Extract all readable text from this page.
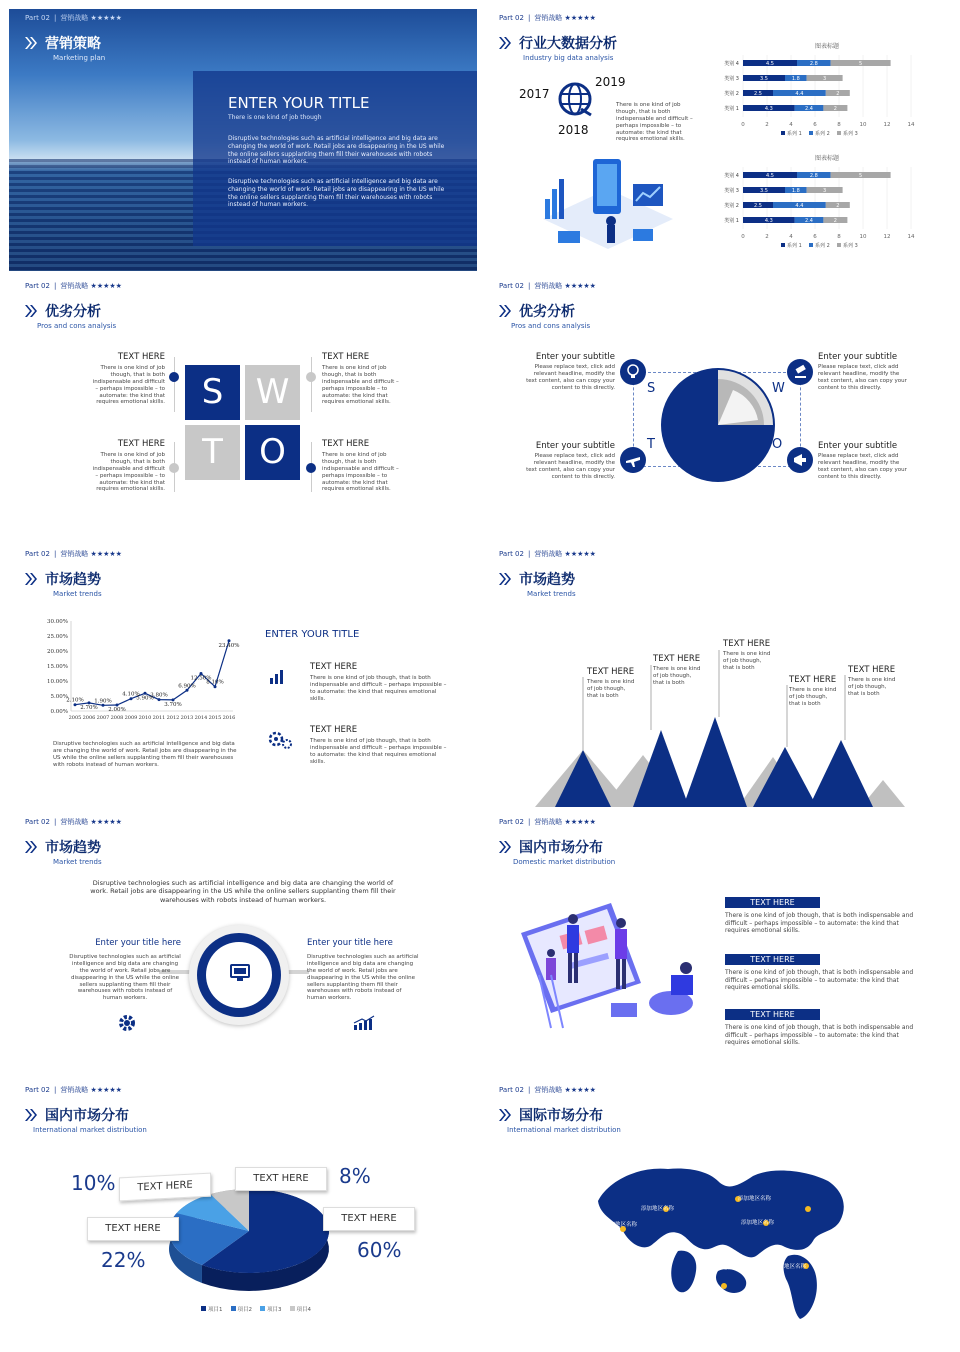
Part 02 | 营销战略 ★★★★★
营销策略
Marketing plan
ENTER YOUR TITLE
There is one kind of job though
Disruptive technologies such as artificial intelligence and big data are changing the world of work. Retail jobs are disappearing in the US while the online sellers supplanting them fill their warehouses with robots instead of human workers.
Disruptive technologies such as artificial intelligence and big data are changing the world of work. Retail jobs are disappearing in the US while the online sellers supplanting them fill their warehouses with robots instead of human workers.
Part 02 | 营销战略 ★★★★★
行业大数据分析
Industry big data analysis
2017
2019
2018
There is one kind of job though, that is both indispensable and difficult – perhaps impossible – to automate: the kind that requires emotional skills.
图表标题
0	2	4	6	8	10	12	14
类别 4	4.5	2.8	5
类别 3	3.5	1.8	3
类别 2	2.5	4.4	2
类别 1	4.3	2.4	2
系列 1	系列 2	系列 3
图表标题
0	2	4	6	8	10	12	14
类别 4	4.5	2.8	5
类别 3	3.5	1.8	3
类别 2	2.5	4.4	2
类别 1	4.3	2.4	2
系列 1	系列 2	系列 3
Part 02 | 营销战略 ★★★★★
优劣分析
Pros and cons analysis
S W
T	O
TEXT HERE
There is one kind of job though, that is both indispensable and difficult – perhaps impossible – to automate: the kind that requires emotional skills.
TEXT HERE
There is one kind of job though, that is both indispensable and difficult – perhaps impossible – to automate: the kind that requires emotional skills.
TEXT HERE
There is one kind of job though, that is both indispensable and difficult – perhaps impossible – to automate: the kind that requires emotional skills.
TEXT HERE
There is one kind of job though, that is both indispensable and difficult – perhaps impossible – to automate: the kind that requires emotional skills.
Part 02 | 营销战略 ★★★★★
优劣分析
Pros and cons analysis
S	W
T	O
Enter your subtitle
Please replace text, click add relevant headline, modify the text content, also can copy your content to this directly.
Enter your subtitle
Please replace text, click add relevant headline, modify the text content, also can copy your content to this directly.
Enter your subtitle
Please replace text, click add relevant headline, modify the text content, also can copy your content to this directly.
Enter your subtitle
Please replace text, click add relevant headline, modify the text content, also can copy your content to this directly.
Part 02 | 营销战略 ★★★★★
市场趋势
Market trends
0.00%
5.00%
10.00%
15.00%
20.00%
25.00%
30.00%
2005 2006 2007 2008 2009 2010 2011 2012 2013 2014 2015 2016
2.10%
2.70%
1.90%
2.00%
4.10%
5.90%
3.80%
3.70%
6.90%
12.50%
8.10%
23.40%
Disruptive technologies such as artificial intelligence and big data are changing the world of work. Retail jobs are disappearing in the US while the online sellers supplanting them fill their warehouses with robots instead of human workers.
ENTER YOUR TITLE
TEXT HERE
There is one kind of job though, that is both indispensable and difficult – perhaps impossible – to automate: the kind that requires emotional skills.
TEXT HERE
There is one kind of job though, that is both indispensable and difficult – perhaps impossible – to automate: the kind that requires emotional skills.
Part 02 | 营销战略 ★★★★★
市场趋势
Market trends
TEXT HERE
There is one kind of job though, that is both
TEXT HERE
There is one kind of job though, that is both
TEXT HERE
There is one kind of job though, that is both
TEXT HERE
There is one kind of job though, that is both
TEXT HERE
There is one kind of job though, that is both
Part 02 | 营销战略 ★★★★★
市场趋势
Market trends
Disruptive technologies such as artificial intelligence and big data are changing the world of work. Retail jobs are disappearing in the US while the online sellers supplanting them fill their warehouses with robots instead of human workers.
Enter your title here
Disruptive technologies such as artificial intelligence and big data are changing the world of work. Retail jobs are disappearing in the US while the online sellers supplanting them fill their warehouses with robots instead of human workers.
Enter your title here
Disruptive technologies such as artificial intelligence and big data are changing the world of work. Retail jobs are disappearing in the US while the online sellers supplanting them fill their warehouses with robots instead of human workers.
Part 02 | 营销战略 ★★★★★
国内市场分布
Domestic market distribution
TEXT HERE
There is one kind of job though, that is both indispensable and difficult – perhaps impossible – to automate: the kind that requires emotional skills.
TEXT HERE
There is one kind of job though, that is both indispensable and difficult – perhaps impossible – to automate: the kind that requires emotional skills.
TEXT HERE
There is one kind of job though, that is both indispensable and difficult – perhaps impossible – to automate: the kind that requires emotional skills.
Part 02 | 营销战略 ★★★★★
国内市场分布
International market distribution
10%	8%
22%	60%
TEXT HERE
TEXT HERE
TEXT HERE
TEXT HERE
项目1	项目2	项目3	项目4
Part 02 | 营销战略 ★★★★★
国际市场分布
International market distribution
添加地区名称
添加地区名称
添加地区名称
添加地区名称
添加地区名称
添加地区名称
